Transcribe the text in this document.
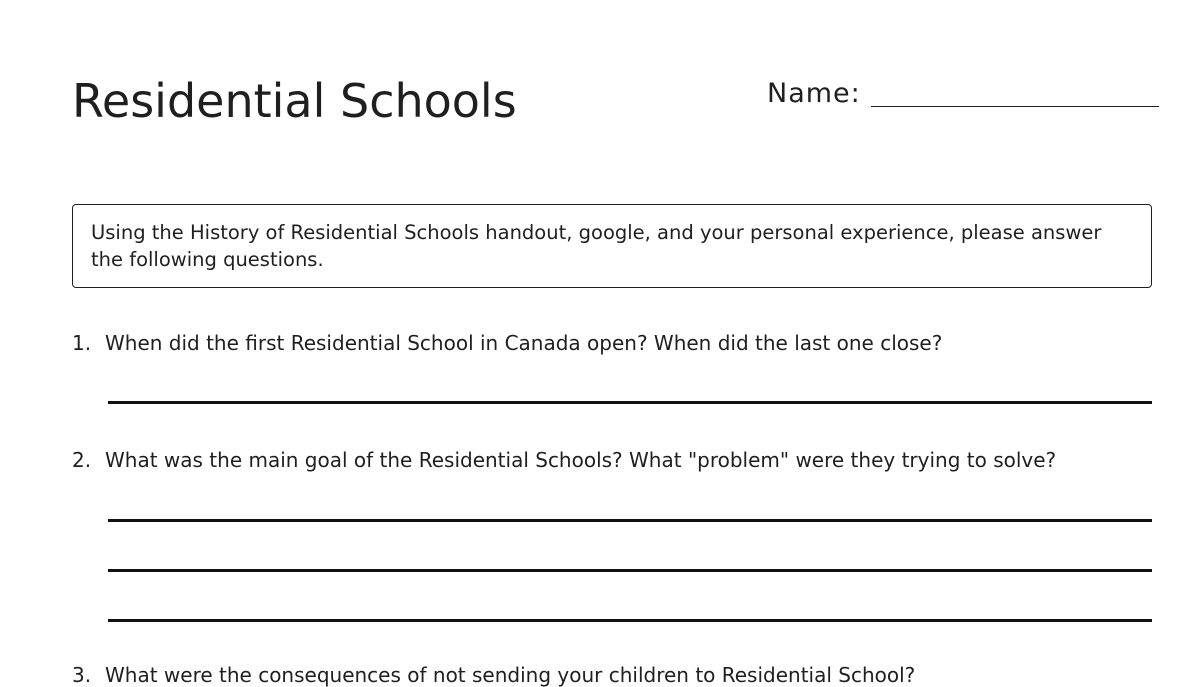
Residential Schools	Name:
Using the History of Residential Schools handout, google, and your personal experience, please answer the following questions.
1. When did the first Residential School in Canada open? When did the last one close?
2. What was the main goal of the Residential Schools? What "problem" were they trying to solve?
3. What were the consequences of not sending your children to Residential School?
